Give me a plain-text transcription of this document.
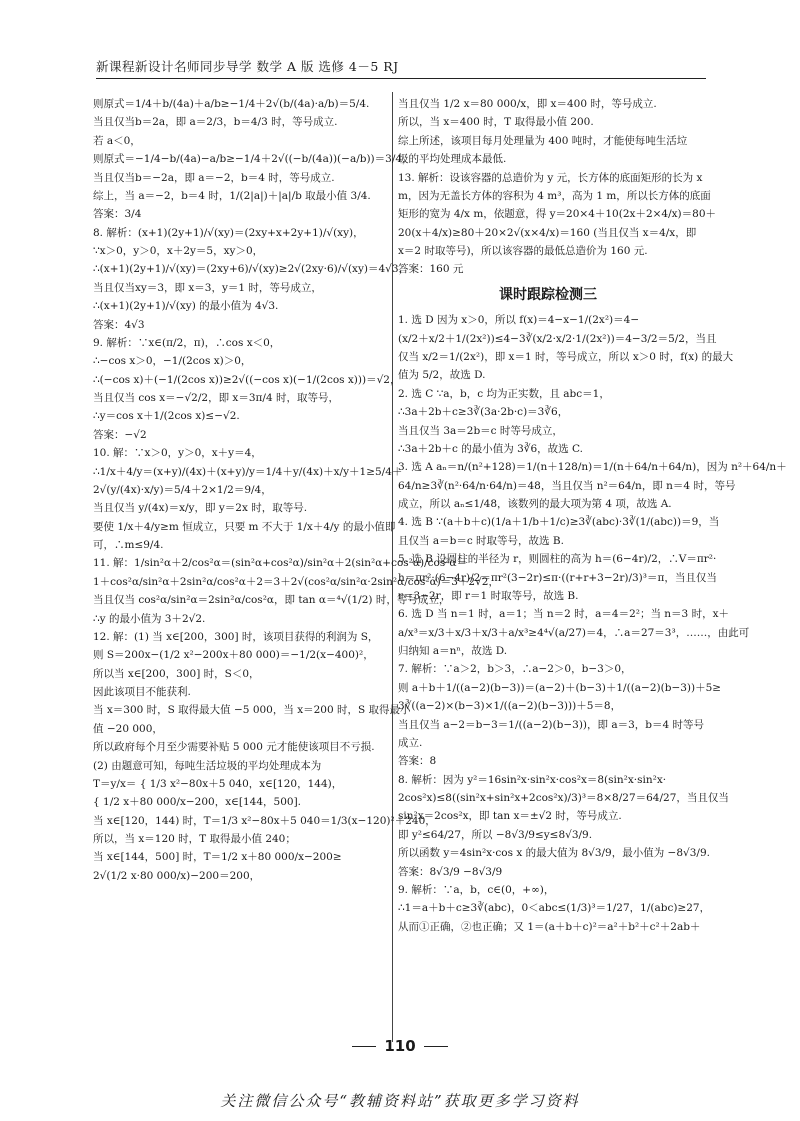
新课程新设计名师同步导学 数学 A 版 选修 4－5 RJ
则原式＝1/4＋b/(4a)＋a/b≥−1/4＋2√(b/(4a)·a/b)＝5/4.
当且仅当b＝2a，即 a＝2/3，b＝4/3 时，等号成立.
若 a＜0，
则原式＝−1/4−b/(4a)−a/b≥−1/4＋2√((−b/(4a))(−a/b))＝3/4，
当且仅当b＝−2a，即 a＝−2，b＝4 时，等号成立.
综上，当 a＝−2，b＝4 时，1/(2|a|)＋|a|/b 取最小值 3/4.
答案：3/4
8. 解析：(x+1)(2y+1)/√(xy)＝(2xy+x+2y+1)/√(xy)，
∵x＞0，y＞0，x＋2y＝5，xy＞0，
∴(x+1)(2y+1)/√(xy)＝(2xy+6)/√(xy)≥2√(2xy·6)/√(xy)＝4√3，
当且仅当xy＝3，即 x＝3，y＝1 时，等号成立，
∴(x+1)(2y+1)/√(xy) 的最小值为 4√3.
答案：4√3
9. 解析：∵x∈(π/2，π)，∴cos x＜0，
∴−cos x＞0，−1/(2cos x)＞0，
∴(−cos x)＋(−1/(2cos x))≥2√((−cos x)(−1/(2cos x)))＝√2，
当且仅当 cos x＝−√2/2，即 x＝3π/4 时，取等号，
∴y＝cos x＋1/(2cos x)≤−√2.
答案：−√2
10. 解：∵x＞0，y＞0，x＋y＝4，
∴1/x＋4/y＝(x+y)/(4x)＋(x+y)/y＝1/4＋y/(4x)＋x/y＋1≥5/4＋
2√(y/(4x)·x/y)＝5/4＋2×1/2＝9/4，
当且仅当 y/(4x)＝x/y，即 y＝2x 时，取等号.
要使 1/x＋4/y≥m 恒成立，只要 m 不大于 1/x＋4/y 的最小值即
可，∴m≤9/4.
11. 解：1/sin²α＋2/cos²α＝(sin²α+cos²α)/sin²α＋2(sin²α+cos²α)/cos²α＝
1＋cos²α/sin²α＋2sin²α/cos²α＋2＝3＋2√(cos²α/sin²α·2sin²α/cos²α)＝3＋2√2，
当且仅当 cos²α/sin²α＝2sin²α/cos²α，即 tan α＝⁴√(1/2) 时，等号成立，
∴y 的最小值为 3＋2√2.
12. 解：(1) 当 x∈[200，300] 时，该项目获得的利润为 S，
则 S＝200x−(1/2 x²−200x＋80 000)＝−1/2(x−400)²，
所以当 x∈[200，300] 时，S＜0，
因此该项目不能获利.
当 x＝300 时，S 取得最大值 −5 000，当 x＝200 时，S 取得最小
值 −20 000，
所以政府每个月至少需要补贴 5 000 元才能使该项目不亏损.
(2) 由题意可知，每吨生活垃圾的平均处理成本为
T＝y/x＝ { 1/3 x²−80x＋5 040，x∈[120，144)，
{ 1/2 x＋80 000/x−200，x∈[144，500].
当 x∈[120，144) 时，T＝1/3 x²−80x＋5 040＝1/3(x−120)²＋240，
所以，当 x＝120 时，T 取得最小值 240；
当 x∈[144，500] 时，T＝1/2 x＋80 000/x−200≥
2√(1/2 x·80 000/x)−200＝200，
当且仅当 1/2 x＝80 000/x，即 x＝400 时，等号成立.
所以，当 x＝400 时，T 取得最小值 200.
综上所述，该项目每月处理量为 400 吨时，才能使每吨生活垃
圾的平均处理成本最低.
13. 解析：设该容器的总造价为 y 元，长方体的底面矩形的长为 x
m，因为无盖长方体的容积为 4 m³，高为 1 m，所以长方体的底面
矩形的宽为 4/x m，依题意，得 y＝20×4＋10(2x＋2×4/x)＝80＋
20(x＋4/x)≥80＋20×2√(x×4/x)＝160 (当且仅当 x＝4/x，即
x＝2 时取等号)，所以该容器的最低总造价为 160 元.
答案：160 元
课时跟踪检测三
1. 选 D 因为 x＞0，所以 f(x)＝4−x−1/(2x²)＝4−
(x/2＋x/2＋1/(2x²))≤4−3∛(x/2·x/2·1/(2x²))＝4−3/2＝5/2，当且
仅当 x/2＝1/(2x²)，即 x＝1 时，等号成立，所以 x＞0 时，f(x) 的最大
值为 5/2，故选 D.
2. 选 C ∵a，b，c 均为正实数，且 abc＝1，
∴3a＋2b＋c≥3∛(3a·2b·c)＝3∛6，
当且仅当 3a＝2b＝c 时等号成立，
∴3a＋2b＋c 的最小值为 3∛6，故选 C.
3. 选 A aₙ＝n/(n²+128)＝1/(n＋128/n)＝1/(n＋64/n＋64/n)，因为 n²＋64/n＋
64/n≥3∛(n²·64/n·64/n)＝48，当且仅当 n²＝64/n，即 n＝4 时，等号
成立，所以 aₙ≤1/48，该数列的最大项为第 4 项，故选 A.
4. 选 B ∵(a＋b＋c)(1/a＋1/b＋1/c)≥3∛(abc)·3∛(1/(abc))＝9，当
且仅当 a＝b＝c 时取等号，故选 B.
5. 选 B 设圆柱的半径为 r，则圆柱的高为 h＝(6−4r)/2，∴V＝πr²·
h＝πr²·(6−4r)/2＝πr²(3−2r)≤π·((r+r+3−2r)/3)³＝π，当且仅当
r＝3−2r，即 r＝1 时取等号，故选 B.
6. 选 D 当 n＝1 时，a＝1；当 n＝2 时，a＝4＝2²；当 n＝3 时，x＋
a/x³＝x/3＋x/3＋x/3＋a/x³≥4⁴√(a/27)＝4，∴a＝27＝3³，……，由此可
归纳知 a＝nⁿ，故选 D.
7. 解析：∵a＞2，b＞3，∴a−2＞0，b−3＞0，
则 a＋b＋1/((a−2)(b−3))＝(a−2)＋(b−3)＋1/((a−2)(b−3))＋5≥
3∛((a−2)×(b−3)×1/((a−2)(b−3)))＋5＝8，
当且仅当 a−2＝b−3＝1/((a−2)(b−3))，即 a＝3，b＝4 时等号
成立.
答案：8
8. 解析：因为 y²＝16sin²x·sin²x·cos²x＝8(sin²x·sin²x·
2cos²x)≤8((sin²x+sin²x+2cos²x)/3)³＝8×8/27＝64/27，当且仅当
sin²x＝2cos²x，即 tan x＝±√2 时，等号成立.
即 y²≤64/27，所以 −8√3/9≤y≤8√3/9.
所以函数 y＝4sin²x·cos x 的最大值为 8√3/9，最小值为 −8√3/9.
答案：8√3/9 −8√3/9
9. 解析：∵a，b，c∈(0，+∞)，
∴1＝a＋b＋c≥3∛(abc)，0＜abc≤(1/3)³＝1/27，1/(abc)≥27，
从而①正确，②也正确；又 1＝(a＋b＋c)²＝a²＋b²＋c²＋2ab＋
110
关注微信公众号“教辅资料站”获取更多学习资料
